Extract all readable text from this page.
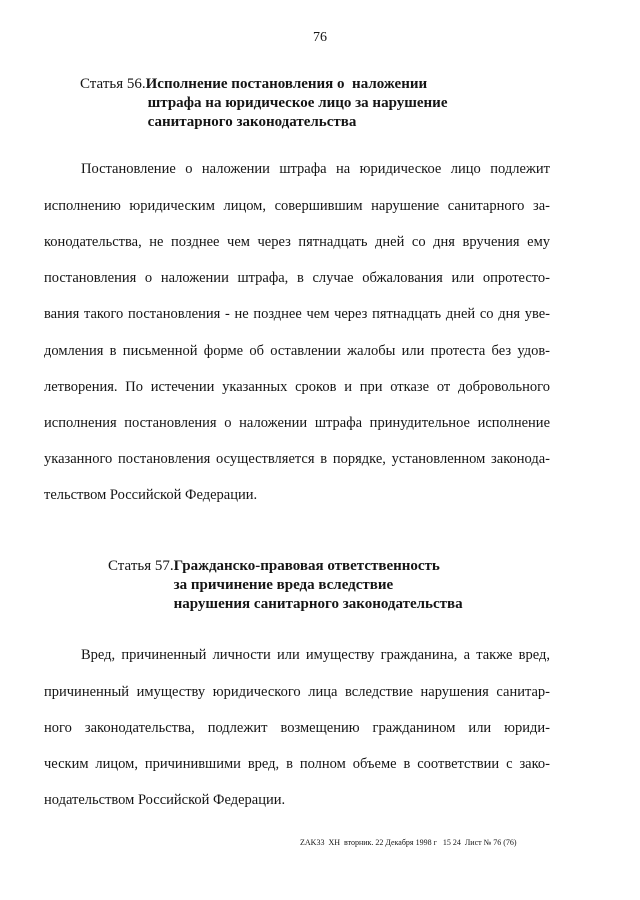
76
Статья 56. Исполнение постановления о  наложении
штрафа на юридическое лицо за нарушение
санитарного законодательства
Постановление о наложении штрафа на юридическое лицо подлежит
исполнению юридическим лицом, совершившим нарушение санитарного за-
конодательства, не позднее чем через пятнадцать дней со дня вручения ему
постановления о наложении штрафа, в случае обжалования или опротесто-
вания такого постановления - не позднее чем через пятнадцать дней со дня уве-
домления в письменной форме об оставлении жалобы или протеста без удов-
летворения. По истечении указанных сроков и при отказе от добровольного
исполнения постановления о наложении штрафа принудительное исполнение
указанного постановления осуществляется в порядке, установленном законода-
тельством Российской Федерации.
Статья 57. Гражданско-правовая ответственность
за причинение вреда вследствие
нарушения санитарного законодательства
Вред, причиненный личности или имуществу гражданина, а также вред,
причиненный имуществу юридического лица вследствие нарушения санитар-
ного законодательства, подлежит возмещению гражданином или юриди-
ческим лицом, причинившими вред, в полном объеме в соответствии с зако-
нодательством Российской Федерации.
ZAK33  XH  вторник. 22 Декабря 1998 г   15 24  Лист № 76 (76)
